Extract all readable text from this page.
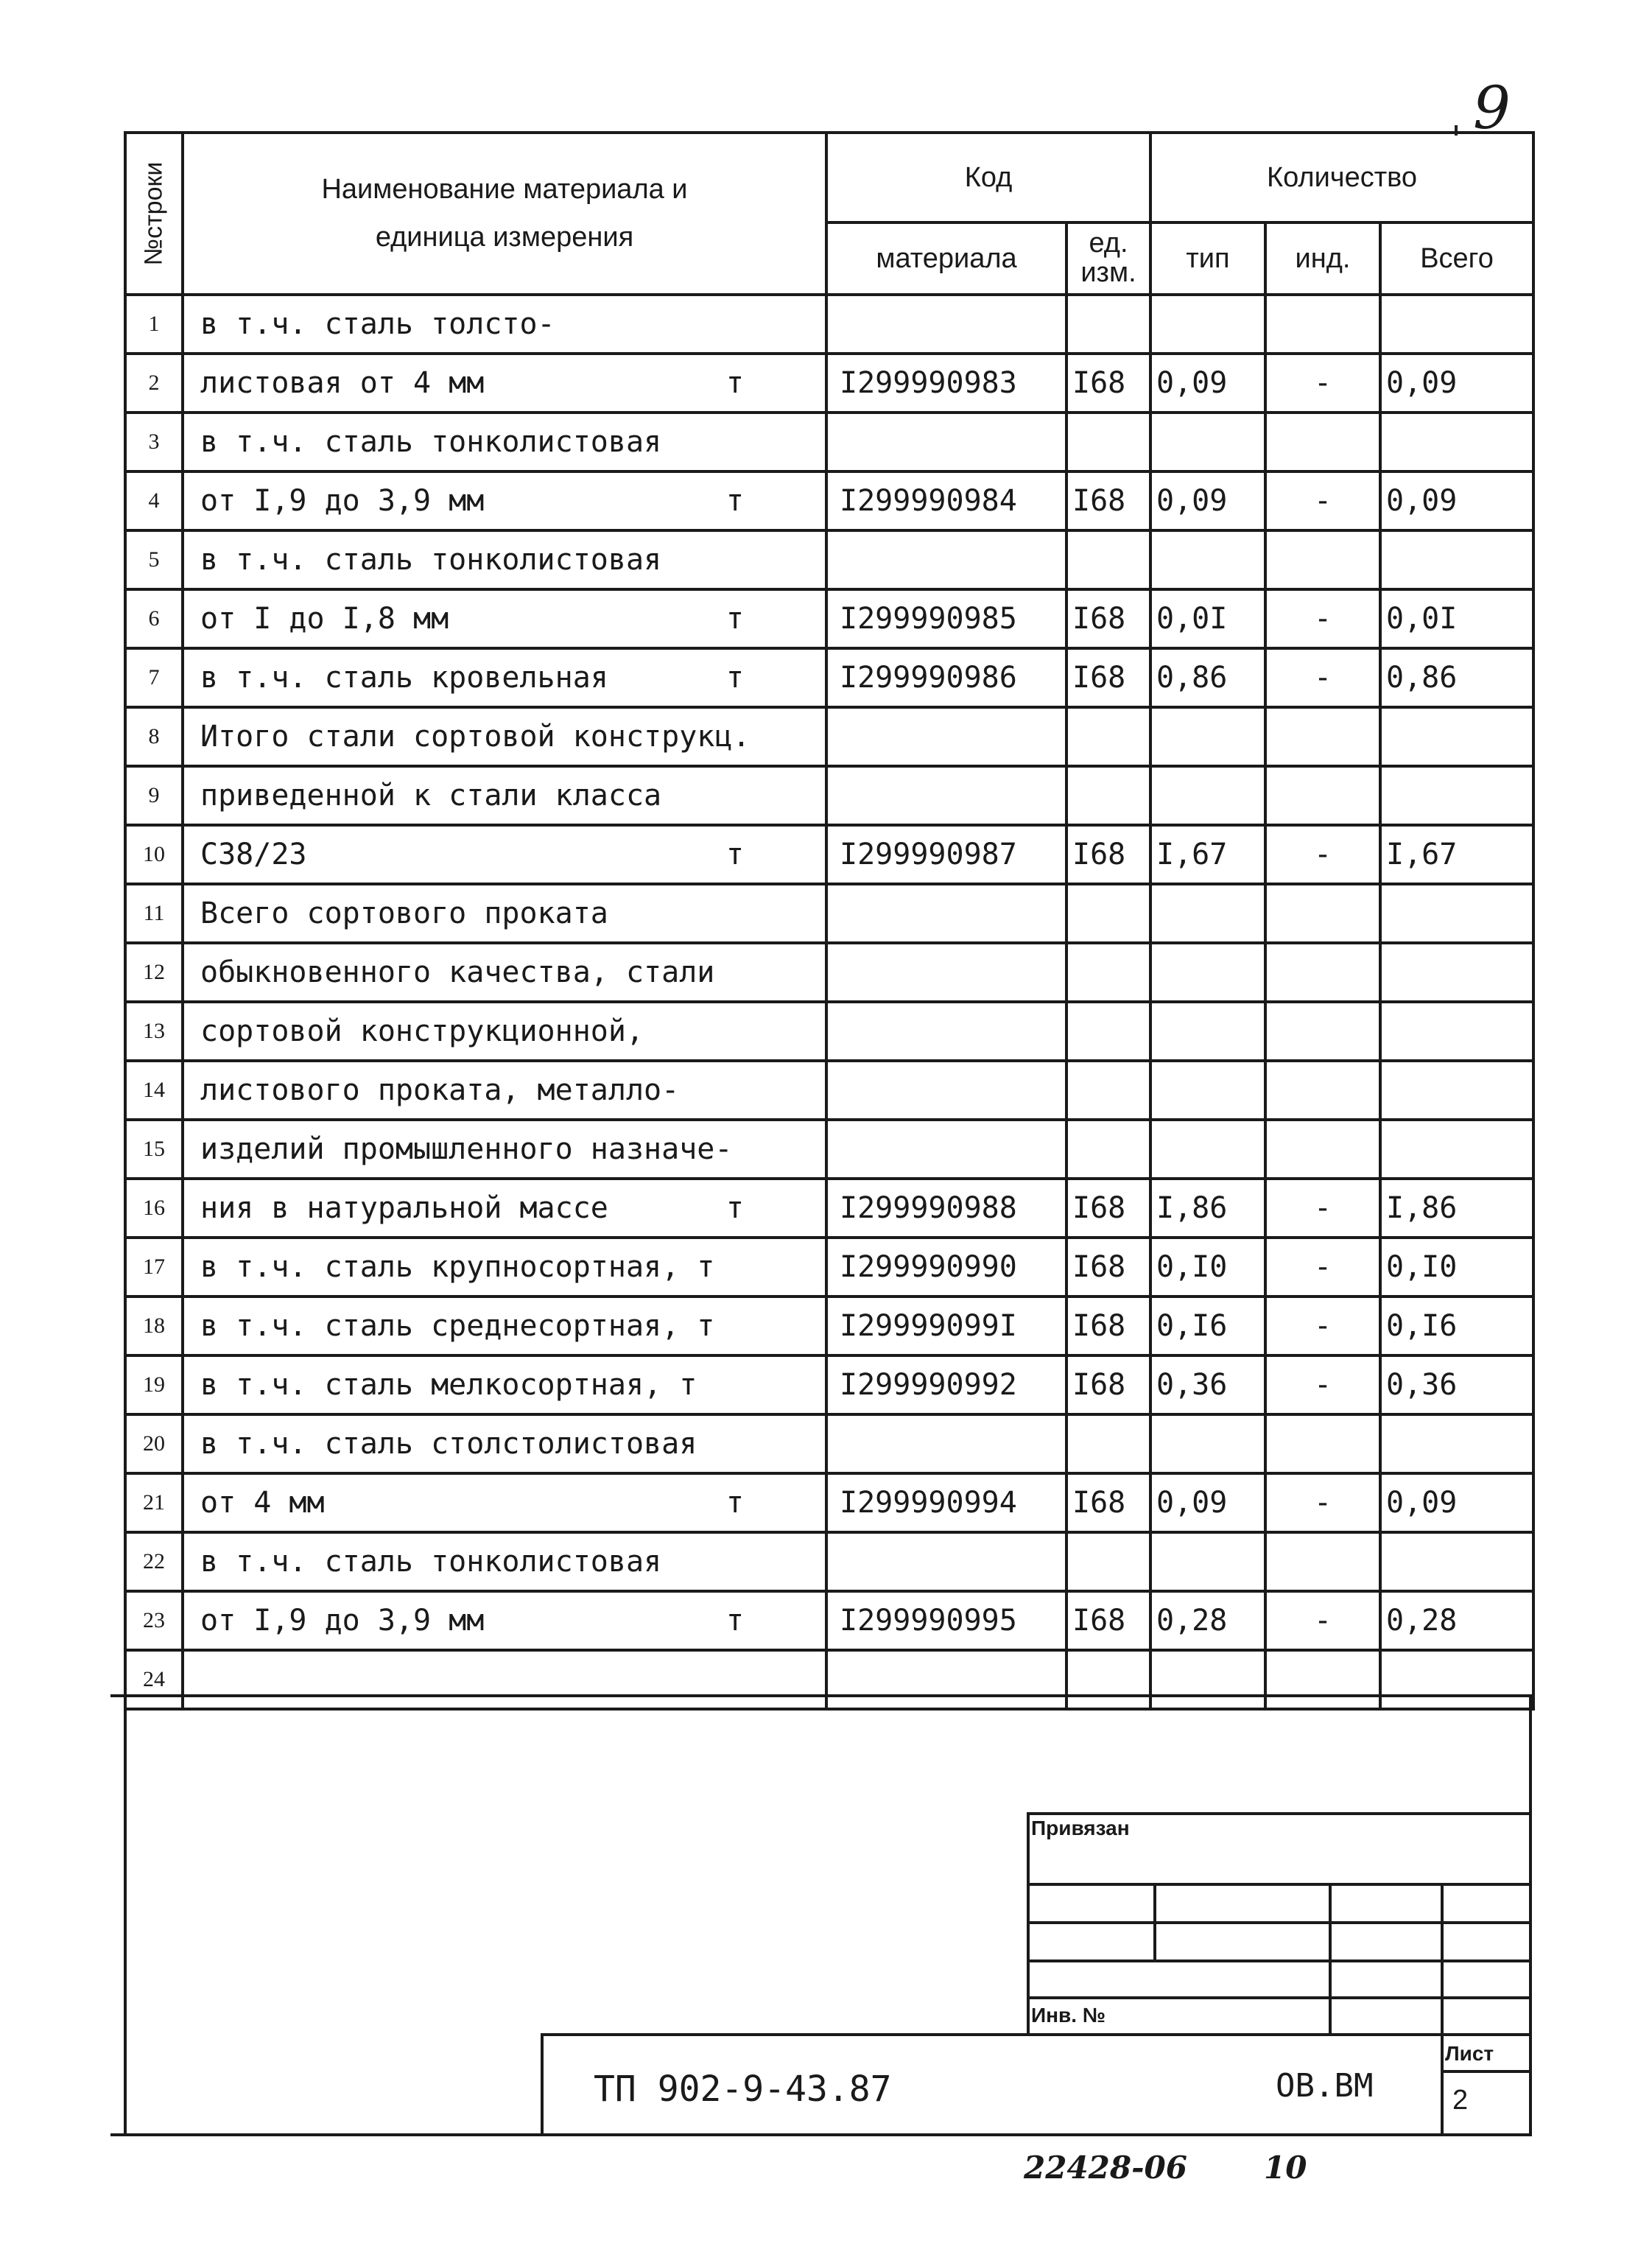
9
№строки	Наименование материала и единица измерения	Код		Количество		
		материала	ед. изм.	тип	инд.	Всего
1	в т.ч. сталь толсто-					
2	листовая от 4 мм т	I299990983	I68	0,09	-	0,09
3	в т.ч. сталь тонколистовая					
4	от I,9 до 3,9 мм т	I299990984	I68	0,09	-	0,09
5	в т.ч. сталь тонколистовая					
6	от I до I,8 мм т	I299990985	I68	0,0I	-	0,0I
7	в т.ч. сталь кровельная т	I299990986	I68	0,86	-	0,86
8	Итого стали сортовой конструкц.					
9	приведенной к стали класса					
10	С38/23 т	I299990987	I68	I,67	-	I,67
11	Всего сортового проката					
12	обыкновенного качества, стали					
13	сортовой конструкционной,					
14	листового проката, металло-					
15	изделий промышленного назначе-					
16	ния в натуральной массе т	I299990988	I68	I,86	-	I,86
17	в т.ч. сталь крупносортная, т	I299990990	I68	0,I0	-	0,I0
18	в т.ч. сталь среднесортная, т	I29999099I	I68	0,I6	-	0,I6
19	в т.ч. сталь мелкосортная, т	I299990992	I68	0,36	-	0,36
20	в т.ч. сталь столстолистовая					
21	от 4 мм т	I299990994	I68	0,09	-	0,09
22	в т.ч. сталь тонколистовая					
23	от I,9 до 3,9 мм т	I299990995	I68	0,28	-	0,28
24						
Привязан
Инв. №
ТП 902-9-43.87	ОВ.ВМ
Лист
2
22428-06 10
